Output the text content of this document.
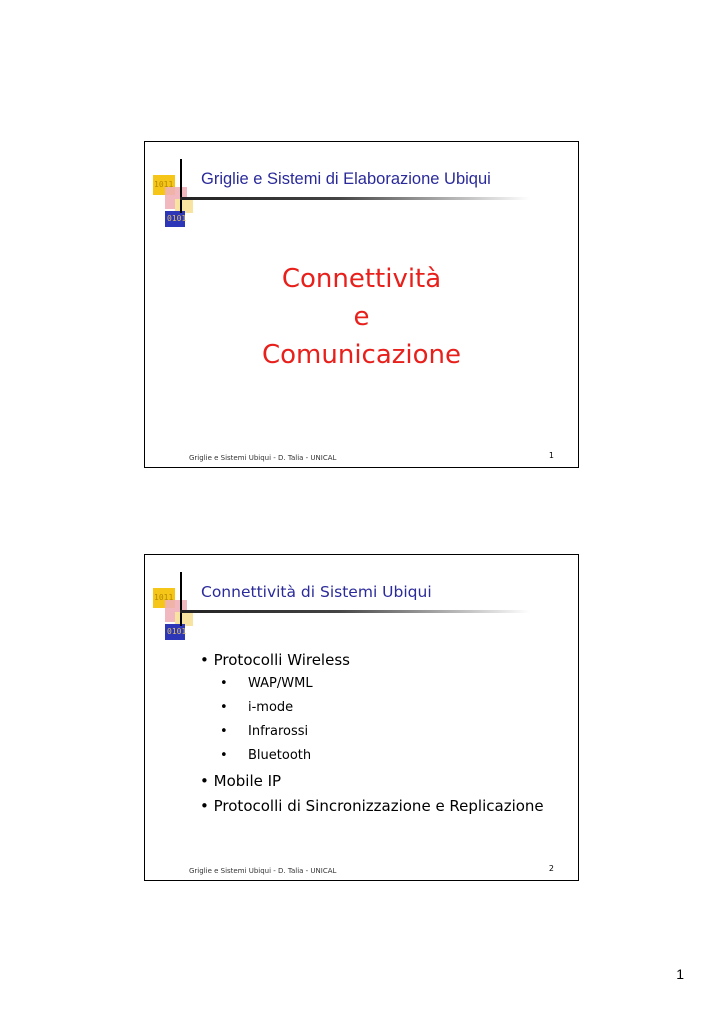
1011
0101
Griglie e Sistemi di Elaborazione Ubiqui
Connettività
e
Comunicazione
Griglie e Sistemi Ubiqui - D. Talia - UNICAL	1
1011
0101
Connettività di Sistemi Ubiqui
• Protocolli Wireless
• WAP/WML
• i-mode
• Infrarossi
• Bluetooth
• Mobile IP
• Protocolli di Sincronizzazione e Replicazione
Griglie e Sistemi Ubiqui - D. Talia - UNICAL	2
1
